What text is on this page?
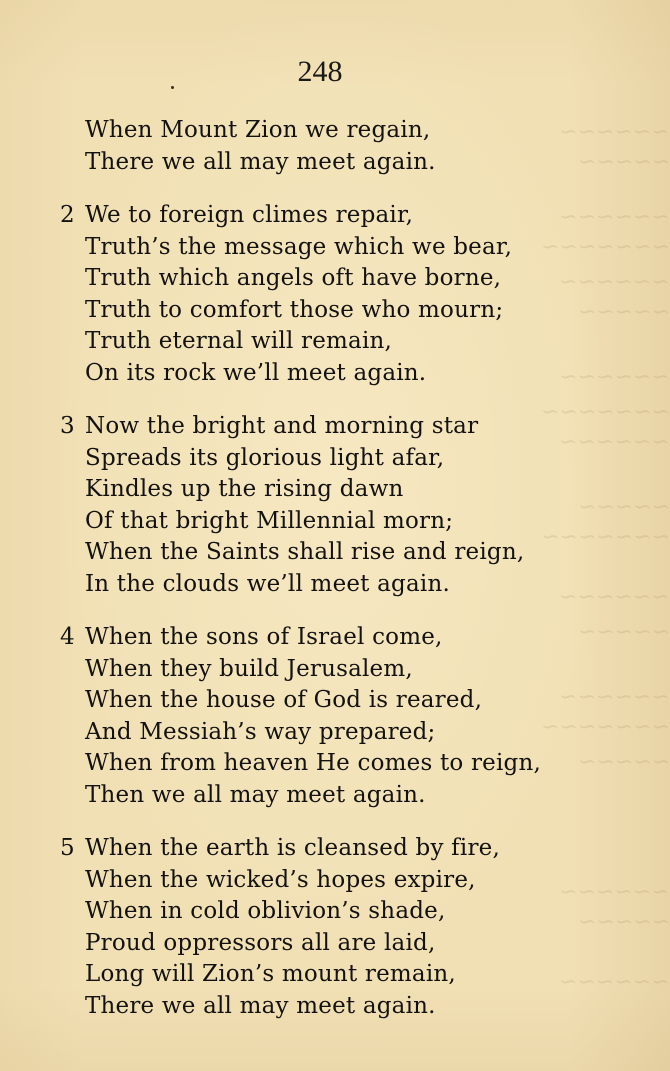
~~~~~~
~~~~~
~~~~~~
~~~~~~~
~~~~~~
~~~~~
~~~~~~
~~~~~~~
~~~~~~
~~~~~
~~~~~~~
~~~~~~
~~~~~
~~~~~~
~~~~~~~
~~~~~
~~~~~~
~~~~~
~~~~~~
248
When Mount Zion we regain,
There we all may meet again.
2 We to foreign climes repair,
Truth’s the message which we bear,
Truth which angels oft have borne,
Truth to comfort those who mourn;
Truth eternal will remain,
On its rock we’ll meet again.
3 Now the bright and morning star
Spreads its glorious light afar,
Kindles up the rising dawn
Of that bright Millennial morn;
When the Saints shall rise and reign,
In the clouds we’ll meet again.
4 When the sons of Israel come,
When they build Jerusalem,
When the house of God is reared,
And Messiah’s way prepared;
When from heaven He comes to reign,
Then we all may meet again.
5 When the earth is cleansed by fire,
When the wicked’s hopes expire,
When in cold oblivion’s shade,
Proud oppressors all are laid,
Long will Zion’s mount remain,
There we all may meet again.
